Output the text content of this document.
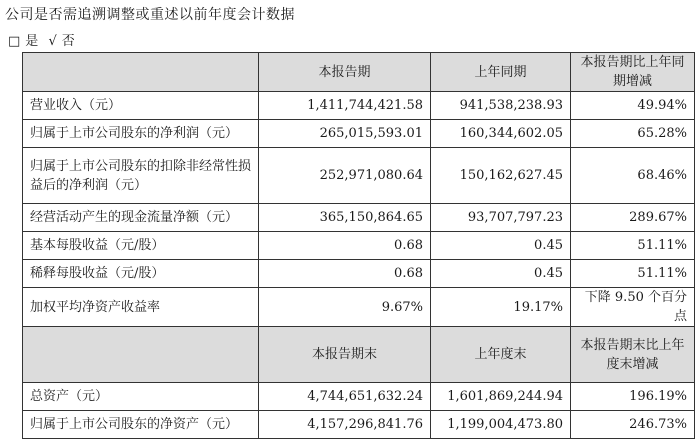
公司是否需追溯调整或重述以前年度会计数据
□ 是 √ 否
	本报告期	上年同期	本报告期比上年同期增减
营业收入（元）	1,411,744,421.58	941,538,238.93	49.94%
归属于上市公司股东的净利润（元）	265,015,593.01	160,344,602.05	65.28%
归属于上市公司股东的扣除非经常性损益后的净利润（元）	252,971,080.64	150,162,627.45	68.46%
经营活动产生的现金流量净额（元）	365,150,864.65	93,707,797.23	289.67%
基本每股收益（元/股）	0.68	0.45	51.11%
稀释每股收益（元/股）	0.68	0.45	51.11%
加权平均净资产收益率	9.67%	19.17%	下降 9.50 个百分点
	本报告期末	上年度末	本报告期末比上年度末增减
总资产（元）	4,744,651,632.24	1,601,869,244.94	196.19%
归属于上市公司股东的净资产（元）	4,157,296,841.76	1,199,004,473.80	246.73%
